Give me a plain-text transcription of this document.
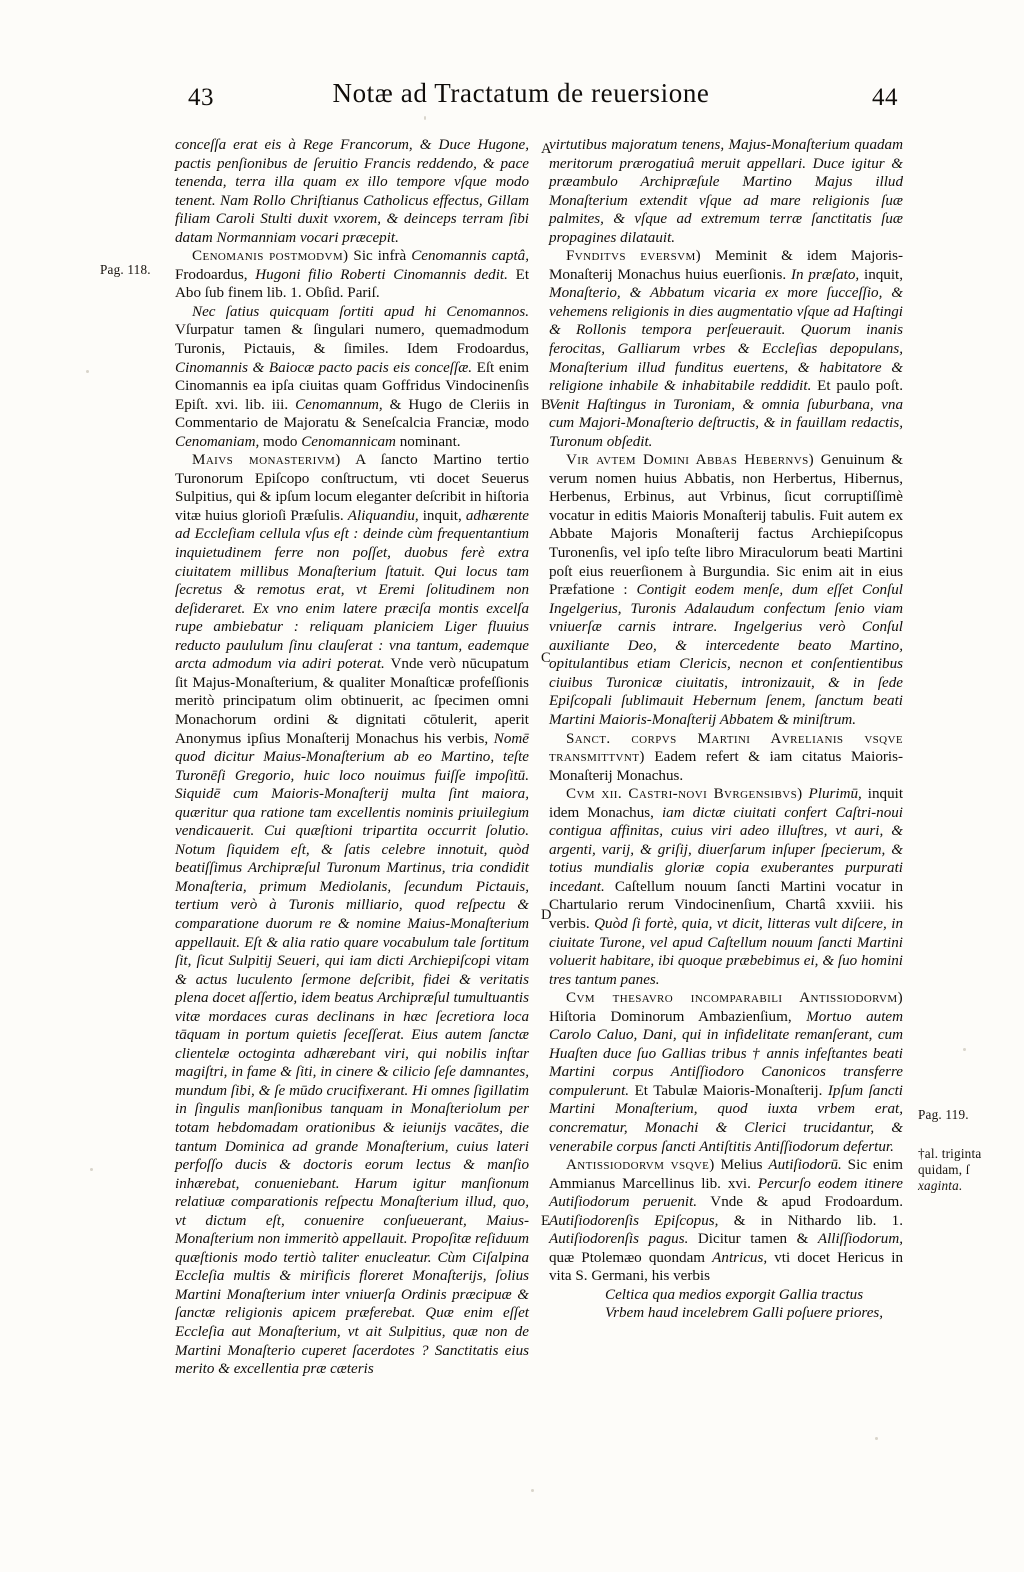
43	Notæ ad Tractatum de reuersione	44
A
B
C
D
E
Pag. 118.
Pag. 119.
†al. triginta
quidam, ſ
xaginta.

conceſſa erat eis à Rege Francorum, & Duce Hugone, pactis penſionibus de ſeruitio Francis reddendo, & pace tenenda, terra illa quam ex illo tempore vſque modo tenent. Nam Rollo Chriſtianus Catholicus effectus, Gillam filiam Caroli Stulti duxit vxorem, & deinceps terram ſibi datam Normanniam vocari præcepit.

Cenomanis postmodvm) Sic infrà Cenomannis captâ, Frodoardus, Hugoni filio Roberti Cinomannis dedit. Et Abo ſub finem lib. 1. Obſid. Pariſ.

Nec ſatius quicquam ſortiti apud hi Cenomannos. Vſurpatur tamen & ſingulari numero, quemadmodum Turonis, Pictauis, & ſimiles. Idem Frodoardus, Cinomannis & Baiocæ pacto pacis eis conceſſæ. Eſt enim Cinomannis ea ipſa ciuitas quam Goffridus Vindocinenſis Epiſt. xvi. lib. iii. Cenomannum, & Hugo de Cleriis in Commentario de Majoratu & Seneſcalcia Franciæ, modo Cenomaniam, modo Cenomannicam nominant.

Maivs monasterivm) A ſancto Martino tertio Turonorum Epiſcopo conſtructum, vti docet Seuerus Sulpitius, qui & ipſum locum eleganter deſcribit in hiſtoria vitæ huius glorioſi Præſulis. Aliquandiu, inquit, adhærente ad Eccleſiam cellula vſus eſt : deinde cùm frequentantium inquietudinem ferre non poſſet, duobus ferè extra ciuitatem millibus Monaſterium ſtatuit. Qui locus tam ſecretus & remotus erat, vt Eremi ſolitudinem non deſideraret. Ex vno enim latere præciſa montis excelſa rupe ambiebatur : reliquam planiciem Liger fluuius reducto paululum ſinu clauſerat : vna tantum, eademque arcta admodum via adiri poterat. Vnde verò nūcupatum ſit Majus-Monaſterium, & qualiter Monaſticæ profeſſionis meritò principatum olim obtinuerit, ac ſpecimen omni Monachorum ordini & dignitati cōtulerit, aperit Anonymus ipſius Monaſterij Monachus his verbis, Nomē quod dicitur Maius-Monaſterium ab eo Martino, teſte Turonēſi Gregorio, huic loco nouimus fuiſſe impoſitū. Siquidē cum Maioris-Monaſterij multa ſint maiora, quæritur qua ratione tam excellentis nominis priuilegium vendicauerit. Cui quæſtioni tripartita occurrit ſolutio. Notum ſiquidem eſt, & ſatis celebre innotuit, quòd beatiſſimus Archipræſul Turonum Martinus, tria condidit Monaſteria, primum Mediolanis, ſecundum Pictauis, tertium verò à Turonis milliario, quod reſpectu & comparatione duorum re & nomine Maius-Monaſterium appellauit. Eſt & alia ratio quare vocabulum tale ſortitum ſit, ſicut Sulpitij Seueri, qui iam dicti Archiepiſcopi vitam & actus luculento ſermone deſcribit, fidei & veritatis plena docet aſſertio, idem beatus Archipræſul tumultuantis vitæ mordaces curas declinans in hæc ſecretiora loca tāquam in portum quietis ſeceſſerat. Eius autem ſanctæ clientelæ octoginta adhærebant viri, qui nobilis inſtar magiſtri, in fame & ſiti, in cinere & cilicio ſeſe damnantes, mundum ſibi, & ſe mūdo crucifixerant. Hi omnes ſigillatim in ſingulis manſionibus tanquam in Monaſteriolum per totam hebdomadam orationibus & ieiunijs vacātes, die tantum Dominica ad grande Monaſterium, cuius lateri perfoſſo ducis & doctoris eorum lectus & manſio inhærebat, conueniebant. Harum igitur manſionum relatiuæ comparationis reſpectu Monaſterium illud, quo, vt dictum eſt, conuenire conſueuerant, Maius-Monaſterium non immeritò appellauit. Propoſitæ reſiduum quæſtionis modo tertiò taliter enucleatur. Cùm Ciſalpina Eccleſia multis & mirificis floreret Monaſterijs, ſolius Martini Monaſterium inter vniuerſa Ordinis præcipuæ & ſanctæ religionis apicem præferebat. Quæ enim eſſet Eccleſia aut Monaſterium, vt ait Sulpitius, quæ non de Martini Monaſterio cuperet ſacerdotes ? Sanctitatis eius merito & excellentia præ cæteris

virtutibus majoratum tenens, Majus-Monaſterium quadam meritorum prærogatiuâ meruit appellari. Duce igitur & præambulo Archipræſule Martino Majus illud Monaſterium extendit vſque ad mare religionis ſuæ palmites, & vſque ad extremum terræ ſanctitatis ſuæ propagines dilatauit.

Fvnditvs eversvm) Meminit & idem Majoris-Monaſterij Monachus huius euerſionis. In præſato, inquit, Monaſterio, & Abbatum vicaria ex more ſucceſſio, & vehemens religionis in dies augmentatio vſque ad Haſtingi & Rollonis tempora perſeuerauit. Quorum inanis ferocitas, Galliarum vrbes & Eccleſias depopulans, Monaſterium illud funditus euertens, & habitatore & religione inhabile & inhabitabile reddidit. Et paulo poſt. Venit Haſtingus in Turoniam, & omnia ſuburbana, vna cum Majori-Monaſterio deſtructis, & in fauillam redactis, Turonum obſedit.

Vir avtem Domini Abbas Hebernvs) Genuinum & verum nomen huius Abbatis, non Herbertus, Hibernus, Herbenus, Erbinus, aut Vrbinus, ſicut corruptiſſimè vocatur in editis Maioris Monaſterij tabulis. Fuit autem ex Abbate Majoris Monaſterij factus Archiepiſcopus Turonenſis, vel ipſo teſte libro Miraculorum beati Martini poſt eius reuerſionem à Burgundia. Sic enim ait in eius Præfatione : Contigit eodem menſe, dum eſſet Conſul Ingelgerius, Turonis Adalaudum confectum ſenio viam vniuerſæ carnis intrare. Ingelgerius verò Conſul auxiliante Deo, & intercedente beato Martino, opitulantibus etiam Clericis, necnon et conſentientibus ciuibus Turonicæ ciuitatis, intronizauit, & in ſede Epiſcopali ſublimauit Hebernum ſenem, ſanctum beati Martini Maioris-Monaſterij Abbatem & miniſtrum.

Sanct. corpvs Martini Avrelianis vsqve transmittvnt) Eadem refert & iam citatus Maioris-Monaſterij Monachus.

Cvm xii. Castri-novi Bvrgensibvs) Plurimū, inquit idem Monachus, iam dictæ ciuitati confert Caſtri-noui contigua affinitas, cuius viri adeo illuſtres, vt auri, & argenti, varij, & griſij, diuerſarum inſuper ſpecierum, & totius mundialis gloriæ copia exuberantes purpurati incedant. Caſtellum nouum ſancti Martini vocatur in Chartulario rerum Vindocinenſium, Chartâ xxviii. his verbis. Quòd ſi fortè, quia, vt dicit, litteras vult diſcere, in ciuitate Turone, vel apud Caſtellum nouum ſancti Martini voluerit habitare, ibi quoque præbebimus ei, & ſuo homini tres tantum panes.

Cvm thesavro incomparabili Antissiodorvm) Hiſtoria Dominorum Ambazienſium, Mortuo autem Carolo Caluo, Dani, qui in infidelitate remanſerant, cum Huaſten duce ſuo Gallias tribus † annis infeſtantes beati Martini corpus Antiſſiodoro Canonicos transferre compulerunt. Et Tabulæ Maioris-Monaſterij. Ipſum ſancti Martini Monaſterium, quod iuxta vrbem erat, concrematur, Monachi & Clerici trucidantur, & venerabile corpus ſancti Antiſtitis Antiſſiodorum defertur.

Antissiodorvm vsqve) Melius Autiſiodorū. Sic enim Ammianus Marcellinus lib. xvi. Percurſo eodem itinere Autiſiodorum peruenit. Vnde & apud Frodoardum. Autiſiodorenſis Epiſcopus, & in Nithardo lib. 1. Autiſiodorenſis pagus. Dicitur tamen & Alliſſiodorum, quæ Ptolemæo quondam Antricus, vti docet Hericus in vita S. Germani, his verbis

Celtica qua medios exporgit Gallia tractus

Vrbem haud incelebrem Galli poſuere priores,
